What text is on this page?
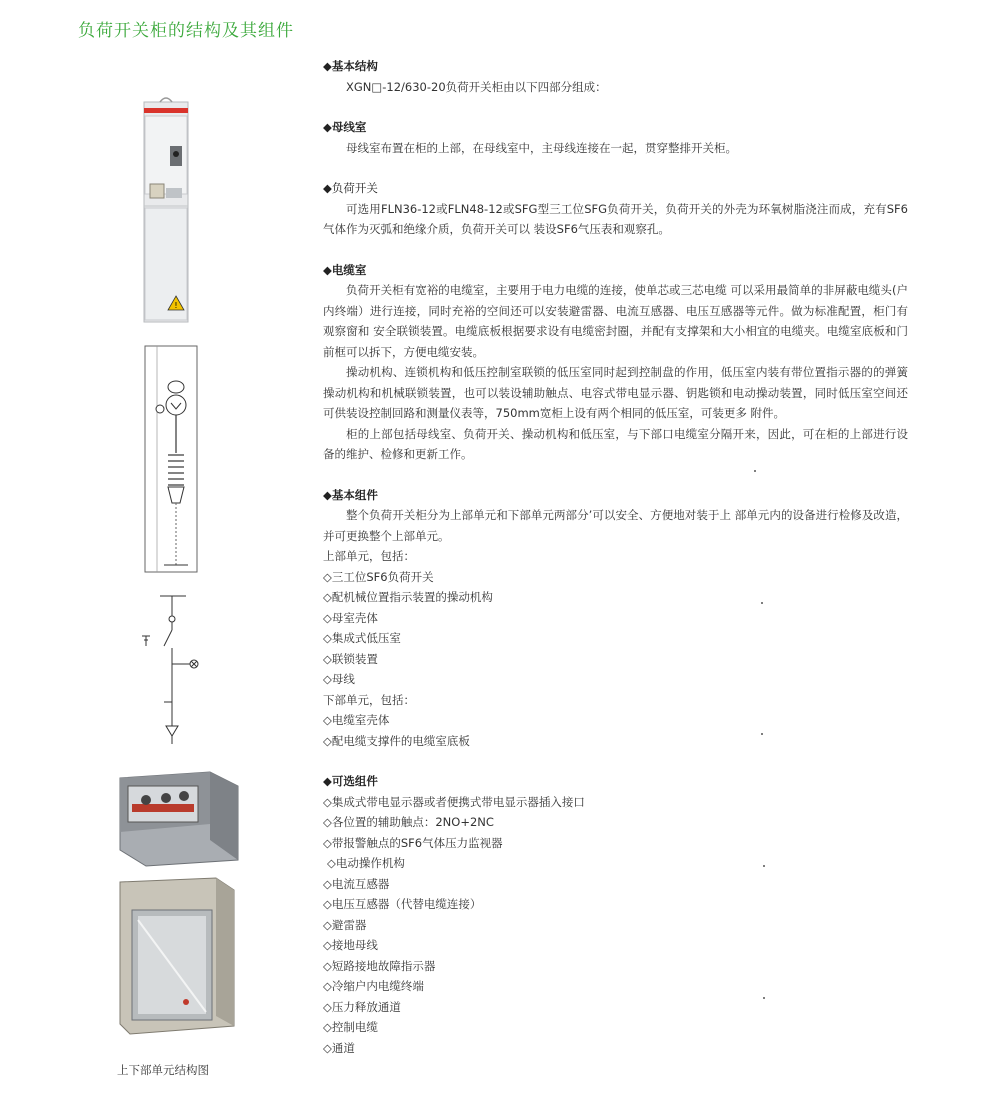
负荷开关柜的结构及其组件
!
上下部单元结构图

◆基本结构

XGN□-12/630-20负荷开关柜由以下四部分组成：

◆母线室

母线室布置在柜的上部，在母线室中，主母线连接在一起，贯穿整排开关柜。

◆负荷开关

可选用FLN36-12或FLN48-12或SFG型三工位SFG负荷开关，负荷开关的外壳为环氧树脂浇注而成，充有SF6气体作为灭弧和绝缘介质，负荷开关可以 装设SF6气压表和观察孔。

◆电缆室

负荷开关柜有宽裕的电缆室，主要用于电力电缆的连接，使单芯或三芯电缆 可以采用最简单的非屏蔽电缆头(户内终端）进行连接，同时充裕的空间还可以安装避雷器、电流互感器、电压互感器等元件。做为标准配置，柜门有观察窗和 安全联锁装置。电缆底板根据要求设有电缆密封圈，并配有支撑架和大小相宜的电缆夹。电缆室底板和门前框可以拆下，方便电缆安装。

操动机构、连锁机构和低压控制室联锁的低压室同时起到控制盘的作用，低压室内装有带位置指示器的的弹簧操动机构和机械联锁装置，也可以装设辅助触点、电容式带电显示器、钥匙锁和电动操动装置，同时低压室空间还可供装设控制回路和测量仪表等，750mm宽柜上设有两个相同的低压室，可装更多 附件。

柜的上部包括母线室、负荷开关、操动机构和低压室，与下部口电缆室分隔开来，因此，可在柜的上部进行设备的维护、检修和更新工作。

◆基本组件

整个负荷开关柜分为上部单元和下部单元两部分’可以安全、方便地对装于上 部单元内的设备进行检修及改造，并可更换整个上部单元。

上部单元，包括：

◇三工位SF6负荷开关

◇配机械位置指示装置的操动机构

◇母室壳体

◇集成式低压室

◇联锁装置

◇母线

下部单元，包括：

◇电缆室壳体

◇配电缆支撑件的电缆室底板

◆可选组件

◇集成式带电显示器或者便携式带电显示器插入接口

◇各位置的辅助触点：2NO+2NC

◇带报警触点的SF6气体压力监视器

◇电动操作机构

◇电流互感器

◇电压互感器（代替电缆连接）

◇避雷器

◇接地母线

◇短路接地故障指示器

◇冷缩户内电缆终端

◇压力释放通道

◇控制电缆

◇通道
